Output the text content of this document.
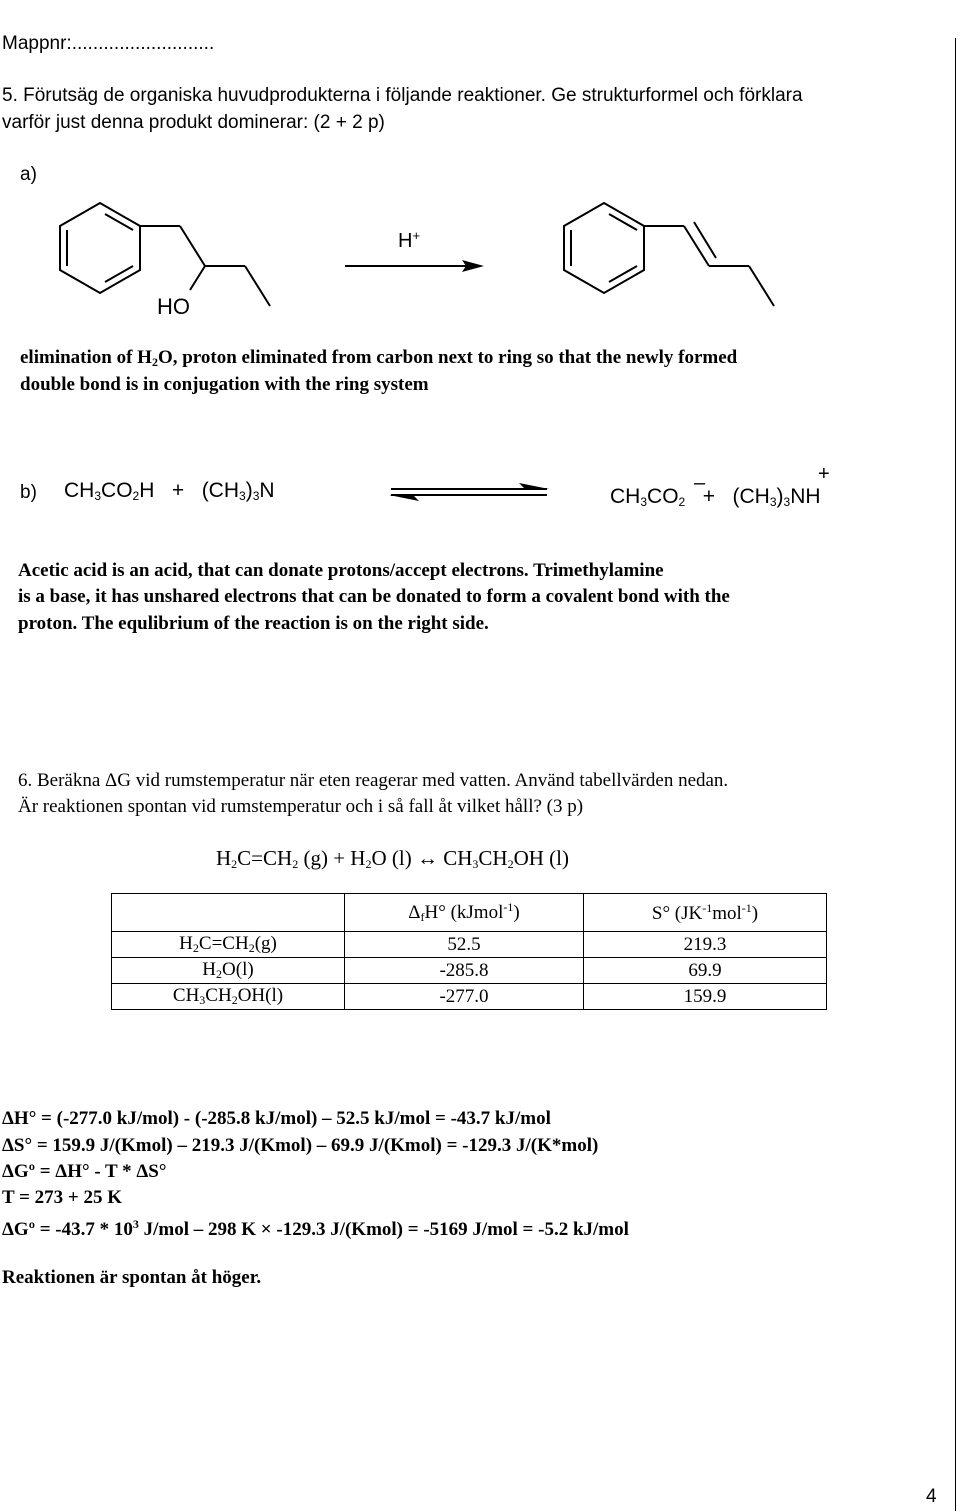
Mappnr:...........................
5. Förutsäg de organiska huvudprodukterna i följande reaktioner. Ge strukturformel och förklara
varför just denna produkt dominerar: (2 + 2 p)
a)
H+
HO
elimination of $H_2O$, proton eliminated from carbon next to ring so that the newly formed
double bond is in conjugation with the ring system
b) $CH_3CO_2H + (CH_3)_3N$	$CH_3CO_2 + (CH_3)_3NH$
–	+
Acetic acid is an acid, that can donate protons/accept electrons. Trimethylamine
is a base, it has unshared electrons that can be donated to form a covalent bond with the
proton. The equlibrium of the reaction is on the right side.
6. Beräkna ΔG vid rumstemperatur när eten reagerar med vatten. Använd tabellvärden nedan.
Är reaktionen spontan vid rumstemperatur och i så fall åt vilket håll? (3 p)
$H_2C=CH_2$ $(g) + H_2O$ (l) ↔ $CH_3CH_2OH$ (l)
	$\Delta_fH^\circ$ (kJmol$^{-1}$)	S° $(JK^{-1}mol^{-1})$
$H_2C=CH_2(g)$	52.5	219.3
$H_2O(l)$	-285.8	69.9
$CH_3CH_2OH(l)$	-277.0	159.9
ΔH° = (-277.0 kJ/mol) - (-285.8 kJ/mol) – 52.5 kJ/mol = -43.7 kJ/mol
ΔS° = 159.9 J/(Kmol) – 219.3 J/(Kmol) – 69.9 J/(Kmol) = -129.3 J/(K*mol)
ΔGº = ΔH° - T * ΔS°
T = 273 + 25 K
ΔGº = $-43.7 * 10^3$ J/mol – 298 K × -129.3 J/(Kmol) = -5169 J/mol = -5.2 kJ/mol
Reaktionen är spontan åt höger.
4
